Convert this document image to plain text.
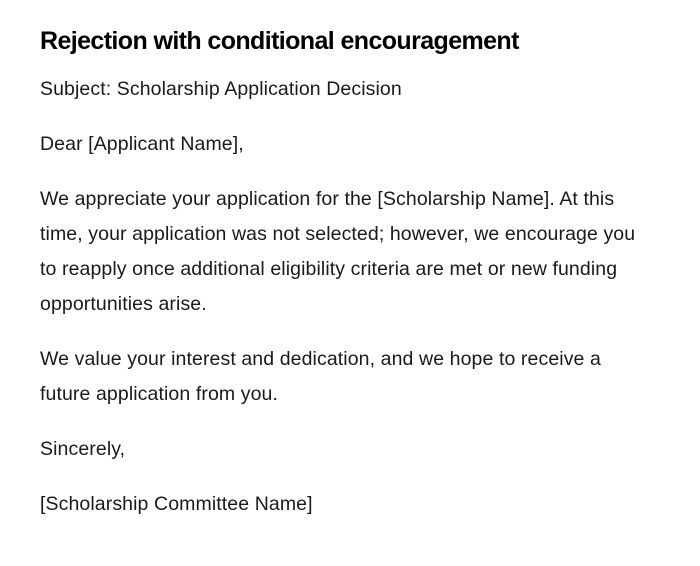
Rejection with conditional encouragement

Subject: Scholarship Application Decision

Dear [Applicant Name],

We appreciate your application for the [Scholarship Name]. At this time, your application was not selected; however, we encourage you to reapply once additional eligibility criteria are met or new funding opportunities arise.

We value your interest and dedication, and we hope to receive a future application from you.

Sincerely,

[Scholarship Committee Name]
